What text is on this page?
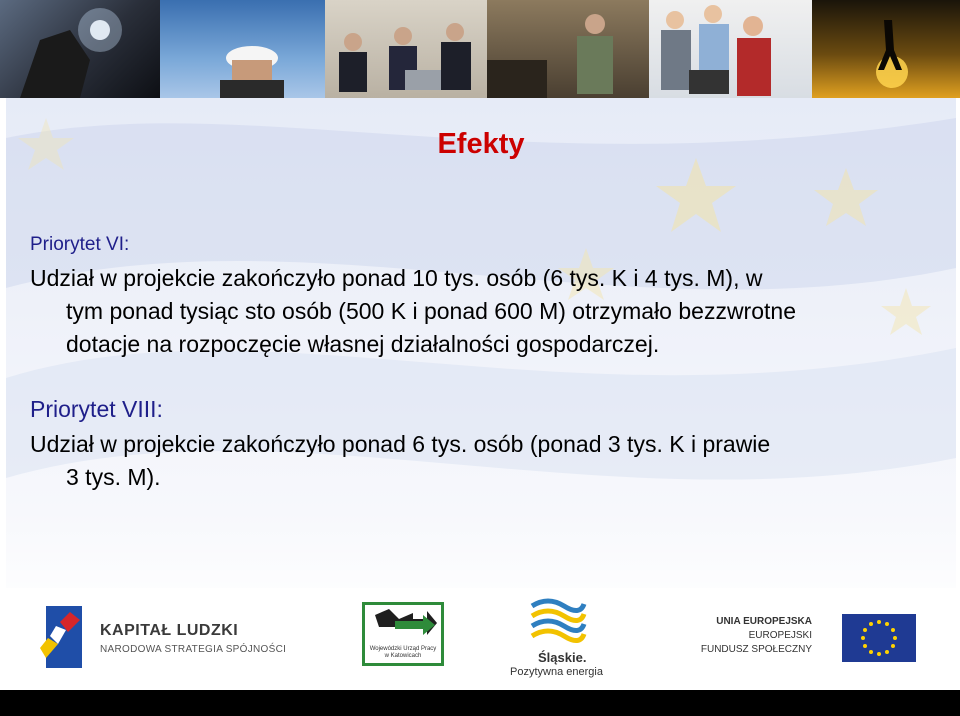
Efekty

Priorytet VI:

Udział w projekcie zakończyło ponad 10 tys. osób (6 tys. K i 4 tys. M), w
tym ponad tysiąc sto osób (500 K i ponad 600 M) otrzymało bezzwrotne
dotacje na rozpoczęcie własnej działalności gospodarczej.

Priorytet VIII:

Udział w projekcie zakończyło ponad 6 tys. osób (ponad 3 tys. K i prawie
3 tys. M).
KAPITAŁ LUDZKI
NARODOWA STRATEGIA SPÓJNOŚCI	Wojewódzki Urząd Pracy w Katowicach	Śląskie.
Pozytywna energia
UNIA EUROPEJSKA
EUROPEJSKI
FUNDUSZ SPOŁECZNY
